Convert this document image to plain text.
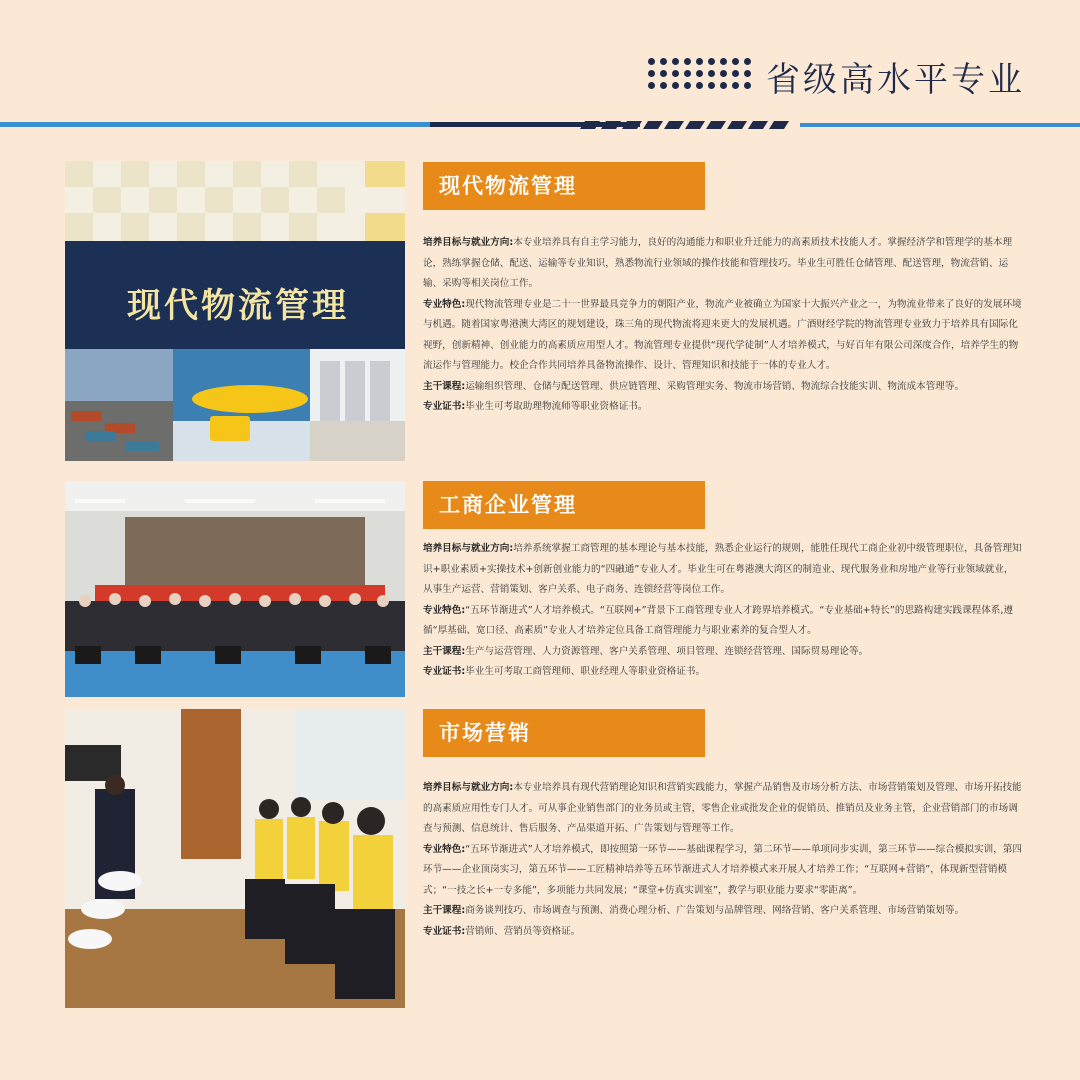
省级高水平专业
现代物流管理
现代物流管理

培养目标与就业方向:本专业培养具有自主学习能力，良好的沟通能力和职业升迁能力的高素质技术技能人才。掌握经济学和管理学的基本理论，熟练掌握仓储、配送、运输等专业知识，熟悉物流行业领域的操作技能和管理技巧。毕业生可胜任仓储管理、配送管理，物流营销、运输、采购等相关岗位工作。

专业特色:现代物流管理专业是二十一世界最具竞争力的朝阳产业，物流产业被确立为国家十大振兴产业之一，为物流业带来了良好的发展环境与机遇。随着国家粤港澳大湾区的规划建设，珠三角的现代物流将迎来更大的发展机遇。广酒财经学院的物流管理专业致力于培养具有国际化视野，创新精神、创业能力的高素质应用型人才。物流管理专业提供“现代学徒制”人才培养模式，与好百年有限公司深度合作，培养学生的物流运作与管理能力。校企合作共同培养具备物流操作、设计、管理知识和技能于一体的专业人才。

主干课程:运输组织管理、仓储与配送管理、供应链管理、采购管理实务、物流市场营销、物流综合技能实训、物流成本管理等。

专业证书:毕业生可考取助理物流师等职业资格证书。

工商企业管理

培养目标与就业方向:培养系统掌握工商管理的基本理论与基本技能，熟悉企业运行的规则，能胜任现代工商企业初中级管理职位，具备管理知识+职业素质+实操技术+创新创业能力的“四融通”专业人才。毕业生可在粤港澳大湾区的制造业、现代服务业和房地产业等行业领域就业，从事生产运营、营销策划、客户关系、电子商务、连锁经营等岗位工作。

专业特色:“五环节渐进式”人才培养模式。“互联网+”背景下工商管理专业人才跨界培养模式。“专业基础+特长”的思路构建实践课程体系,遵循“厚基础、宽口径、高素质”专业人才培养定位具备工商管理能力与职业素养的复合型人才。

主干课程:生产与运营管理、人力资源管理、客户关系管理、项目管理、连锁经营管理、国际贸易理论等。

专业证书:毕业生可考取工商管理师、职业经理人等职业资格证书。

市场营销

培养目标与就业方向:本专业培养具有现代营销理论知识和营销实践能力，掌握产品销售及市场分析方法、市场营销策划及管理、市场开拓技能的高素质应用性专门人才。可从事企业销售部门的业务员或主管，零售企业或批发企业的促销员、推销员及业务主管，企业营销部门的市场调查与预测、信息统计、售后服务、产品渠道开拓、广告策划与管理等工作。

专业特色:“五环节渐进式”人才培养模式，即按照第一环节——基础课程学习，第二环节——单项同步实训，第三环节——综合模拟实训，第四环节——企业顶岗实习，第五环节——工匠精神培养等五环节渐进式人才培养模式来开展人才培养工作；“互联网+营销”，体现新型营销模式；“一技之长+一专多能”，多项能力共同发展；“课堂+仿真实训室”，教学与职业能力要求“零距离”。

主干课程:商务谈判技巧、市场调查与预测、消费心理分析、广告策划与品牌管理、网络营销、客户关系管理、市场营销策划等。

专业证书:营销师、营销员等资格证。
